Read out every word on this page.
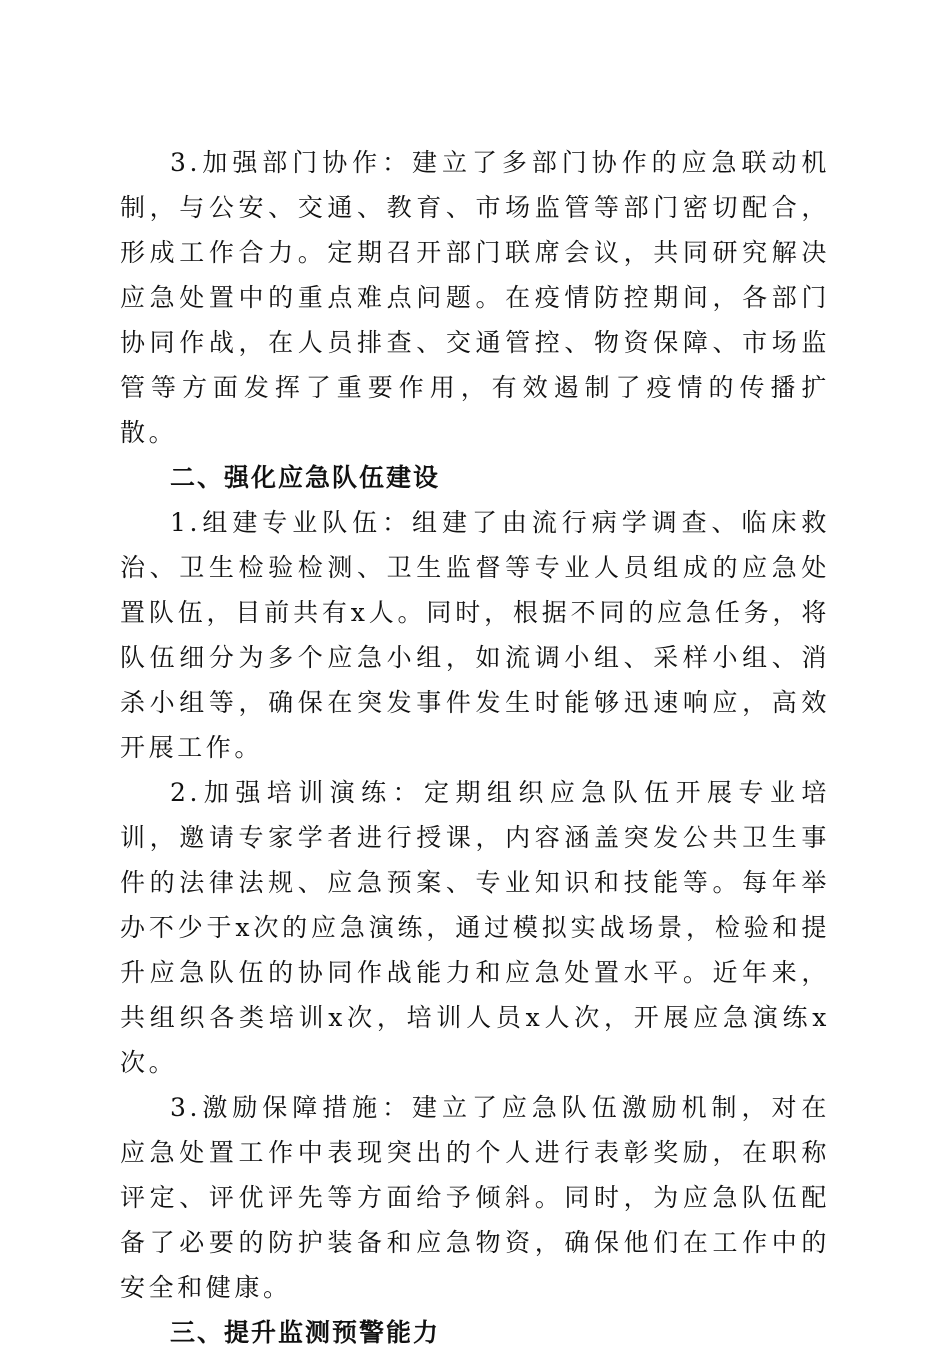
3.加强部门协作：建立了多部门协作的应急联动机制，与公安、交通、教育、市场监管等部门密切配合，形成工作合力。定期召开部门联席会议，共同研究解决应急处置中的重点难点问题。在疫情防控期间，各部门协同作战，在人员排查、交通管控、物资保障、市场监管等方面发挥了重要作用，有效遏制了疫情的传播扩散。

二、强化应急队伍建设

1.组建专业队伍：组建了由流行病学调查、临床救治、卫生检验检测、卫生监督等专业人员组成的应急处置队伍，目前共有x人。同时，根据不同的应急任务，将队伍细分为多个应急小组，如流调小组、采样小组、消杀小组等，确保在突发事件发生时能够迅速响应，高效开展工作。

2.加强培训演练：定期组织应急队伍开展专业培训，邀请专家学者进行授课，内容涵盖突发公共卫生事件的法律法规、应急预案、专业知识和技能等。每年举办不少于x次的应急演练，通过模拟实战场景，检验和提升应急队伍的协同作战能力和应急处置水平。近年来，共组织各类培训x次，培训人员x人次，开展应急演练x次。

3.激励保障措施：建立了应急队伍激励机制，对在应急处置工作中表现突出的个人进行表彰奖励，在职称评定、评优评先等方面给予倾斜。同时，为应急队伍配备了必要的防护装备和应急物资，确保他们在工作中的安全和健康。

三、提升监测预警能力
